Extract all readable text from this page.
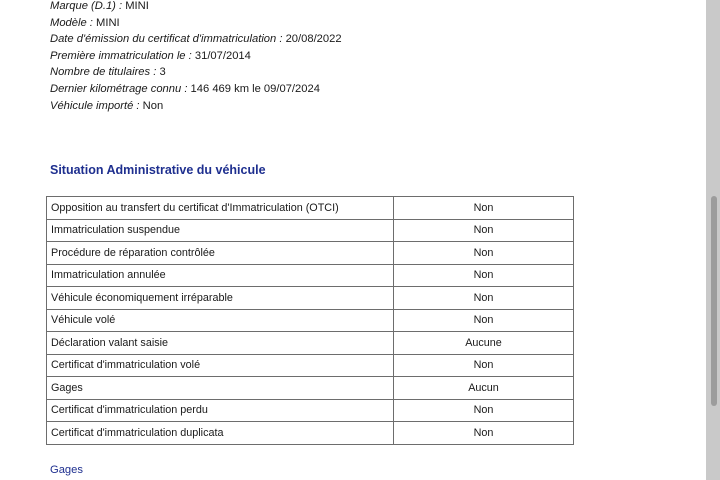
Marque (D.1) : MINI
Modèle : MINI
Date d'émission du certificat d'immatriculation : 20/08/2022
Première immatriculation le : 31/07/2014
Nombre de titulaires : 3
Dernier kilométrage connu : 146 469 km le 09/07/2024
Véhicule importé : Non
Situation Administrative du véhicule
Opposition au transfert du certificat d'Immatriculation (OTCI)	Non
Immatriculation suspendue	Non
Procédure de réparation contrôlée	Non
Immatriculation annulée	Non
Véhicule économiquement irréparable	Non
Véhicule volé	Non
Déclaration valant saisie	Aucune
Certificat d'immatriculation volé	Non
Gages	Aucun
Certificat d'immatriculation perdu	Non
Certificat d'immatriculation duplicata	Non
Gages
